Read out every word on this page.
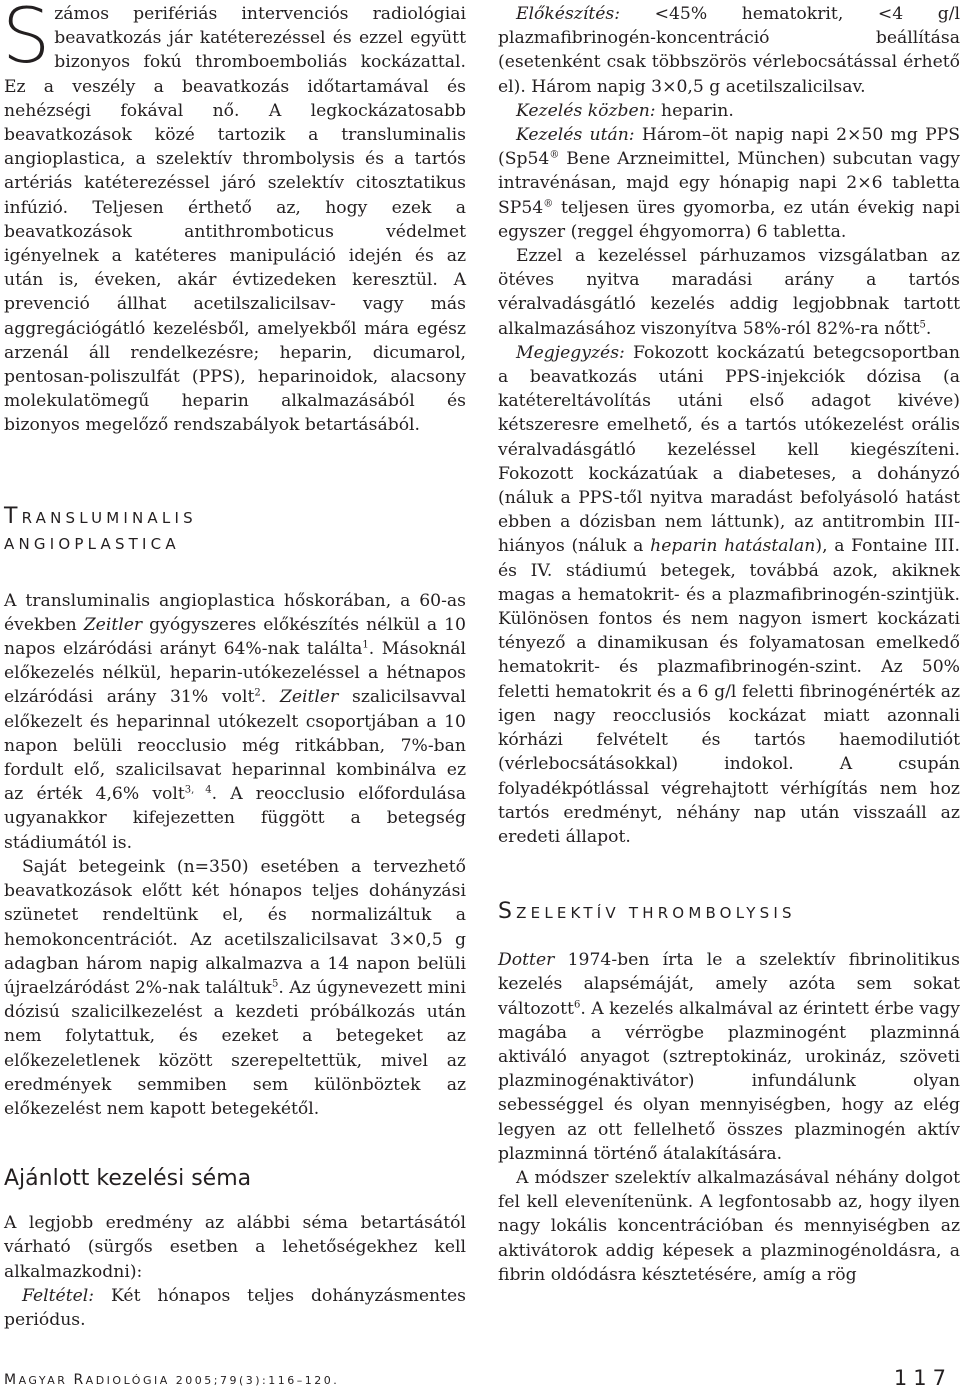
Számos perifériás intervenciós radiológiai beavatkozás jár katéterezéssel és ezzel együtt bizonyos fokú thromboemboliás kockázattal. Ez a veszély a beavatkozás időtartamával és nehézségi fokával nő. A legkockázatosabb beavatkozások közé tartozik a transluminalis angioplastica, a szelektív thrombolysis és a tartós artériás katéterezéssel járó szelektív citosztatikus infúzió. Teljesen érthető az, hogy ezek a beavatkozások antithromboticus védelmet igényelnek a katéteres manipuláció idején és az után is, éveken, akár évtizedeken keresztül. A prevenció állhat acetilszalicilsav- vagy más aggregációgátló kezelésből, amelyekből mára egész arzenál áll rendelkezésre; heparin, dicumarol, pentosan-poliszulfát (PPS), heparinoidok, alacsony molekulatömegű heparin alkalmazásából és bizonyos megelőző rendszabályok betartásából.

TRANSLUMINALIS
ANGIOPLASTICA

A transluminalis angioplastica hőskorában, a 60-as években Zeitler gyógyszeres előkészítés nélkül a 10 napos elzáródási arányt 64%-nak találta$^1$. Másoknál előkezelés nélkül, heparin-utókezeléssel a hétnapos elzáródási arány 31% volt$^2$. Zeitler szalicilsavval előkezelt és heparinnal utókezelt csoportjában a 10 napon belüli reocclusio még ritkábban, 7%-ban fordult elő, szalicilsavat heparinnal kombinálva ez az érték 4,6% volt$^{3, 4}$. A reocclusio előfordulása ugyanakkor kifejezetten függött a betegség stádiumától is.

Saját betegeink (n=350) esetében a tervezhető beavatkozások előtt két hónapos teljes dohányzási szünetet rendeltünk el, és normalizáltuk a hemokoncentrációt. Az acetilszalicilsavat 3×0,5 g adagban három napig alkalmazva a 14 napon belüli újraelzáródást 2%-nak találtuk$^5$. Az úgynevezett mini dózisú szalicilkezelést a kezdeti próbálkozás után nem folytattuk, és ezeket a betegeket az előkezeletlenek között szerepeltettük, mivel az eredmények semmiben sem különböztek az előkezelést nem kapott betegekétől.

Ajánlott kezelési séma

A legjobb eredmény az alábbi séma betartásától várható (sürgős esetben a lehetőségekhez kell alkalmazkodni):

Feltétel: Két hónapos teljes dohányzásmentes periódus.

Előkészítés: <45% hematokrit, <4 g/l plazmafibrinogén-koncentráció beállítása (esetenként csak többszörös vérlebocsátással érhető el). Három napig 3×0,5 g acetilszalicilsav.

Kezelés közben: heparin.

Kezelés után: Három–öt napig napi 2×50 mg PPS (Sp54® Bene Arzneimittel, München) subcutan vagy intravénásan, majd egy hónapig napi 2×6 tabletta SP54® teljesen üres gyomorba, ez után évekig napi egyszer (reggel éhgyomorra) 6 tabletta.

Ezzel a kezeléssel párhuzamos vizsgálatban az ötéves nyitva maradási arány a tartós véralvadásgátló kezelés addig legjobbnak tartott alkalmazásához viszonyítva 58%-ról 82%-ra nőtt$^5$.

Megjegyzés: Fokozott kockázatú betegcsoportban a beavatkozás utáni PPS-injekciók dózisa (a katétereltávolítás utáni első adagot kivéve) kétszeresre emelhető, és a tartós utókezelést orális véralvadásgátló kezeléssel kell kiegészíteni. Fokozott kockázatúak a diabeteses, a dohányzó (náluk a PPS-től nyitva maradást befolyásoló hatást ebben a dózisban nem láttunk), az antitrombin III-hiányos (náluk a heparin hatástalan), a Fontaine III. és IV. stádiumú betegek, továbbá azok, akiknek magas a hematokrit- és a plazmafibrinogén-szintjük. Különösen fontos és nem nagyon ismert kockázati tényező a dinamikusan és folyamatosan emelkedő hematokrit- és plazmafibrinogén-szint. Az 50% feletti hematokrit és a 6 g/l feletti fibrinogénérték az igen nagy reocclusiós kockázat miatt azonnali kórházi felvételt és tartós haemodilutiót (vérlebocsátásokkal) indokol. A csupán folyadékpótlással végrehajtott vérhígítás nem hoz tartós eredményt, néhány nap után visszaáll az eredeti állapot.

SZELEKTÍV THROMBOLYSIS

Dotter 1974-ben írta le a szelektív fibrinolitikus kezelés alapsémáját, amely azóta sem sokat változott$^6$. A kezelés alkalmával az érintett érbe vagy magába a vérrögbe plazminogént plazminná aktiváló anyagot (sztreptokináz, urokináz, szöveti plazminogénaktivátor) infundálunk olyan sebességgel és olyan mennyiségben, hogy az elég legyen az ott fellelhető összes plazminogén aktív plazminná történő átalakítására.

A módszer szelektív alkalmazásával néhány dolgot fel kell elevenítenünk. A legfontosabb az, hogy ilyen nagy lokális koncentrációban és mennyiségben az aktivátorok addig képesek a plazminogénoldásra, a fibrin oldódásra késztetésére, amíg a rög

MAGYAR RADIOLÓGIA 2005;79(3):116–120.	117
